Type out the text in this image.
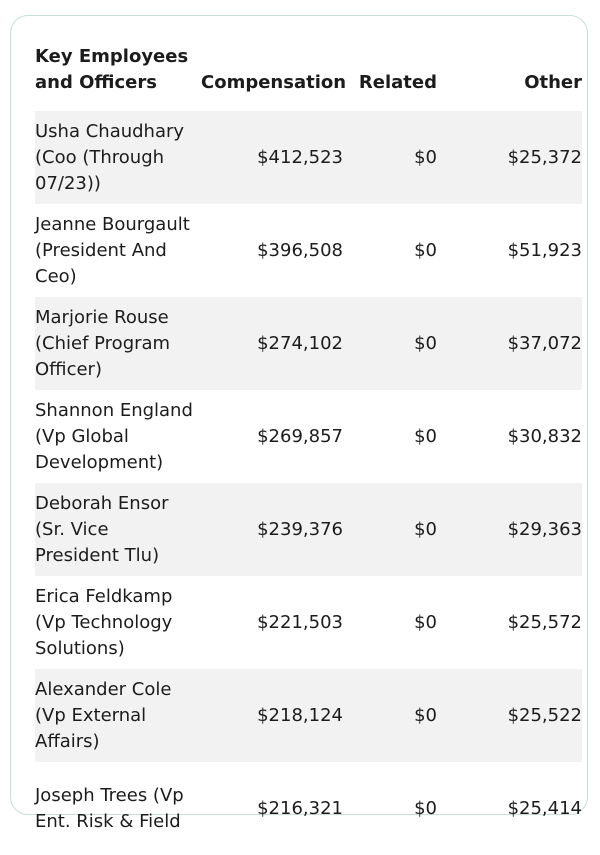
Key Employees
and Officers	Compensation Related	Other
Usha Chaudhary
(Coo (Through
07/23))
$412,523	$0	$25,372
Jeanne Bourgault
(President And
Ceo)
$396,508	$0	$51,923
Marjorie Rouse
(Chief Program
Officer)
$274,102	$0	$37,072
Shannon England
(Vp Global
Development)
$269,857	$0	$30,832
Deborah Ensor
(Sr. Vice
President Tlu)
$239,376	$0	$29,363
Erica Feldkamp
(Vp Technology
Solutions)
$221,503	$0	$25,572
Alexander Cole
(Vp External
Affairs)
$218,124	$0	$25,522
Joseph Trees (Vp
Ent. Risk & Field
$216,321	$0	$25,414
